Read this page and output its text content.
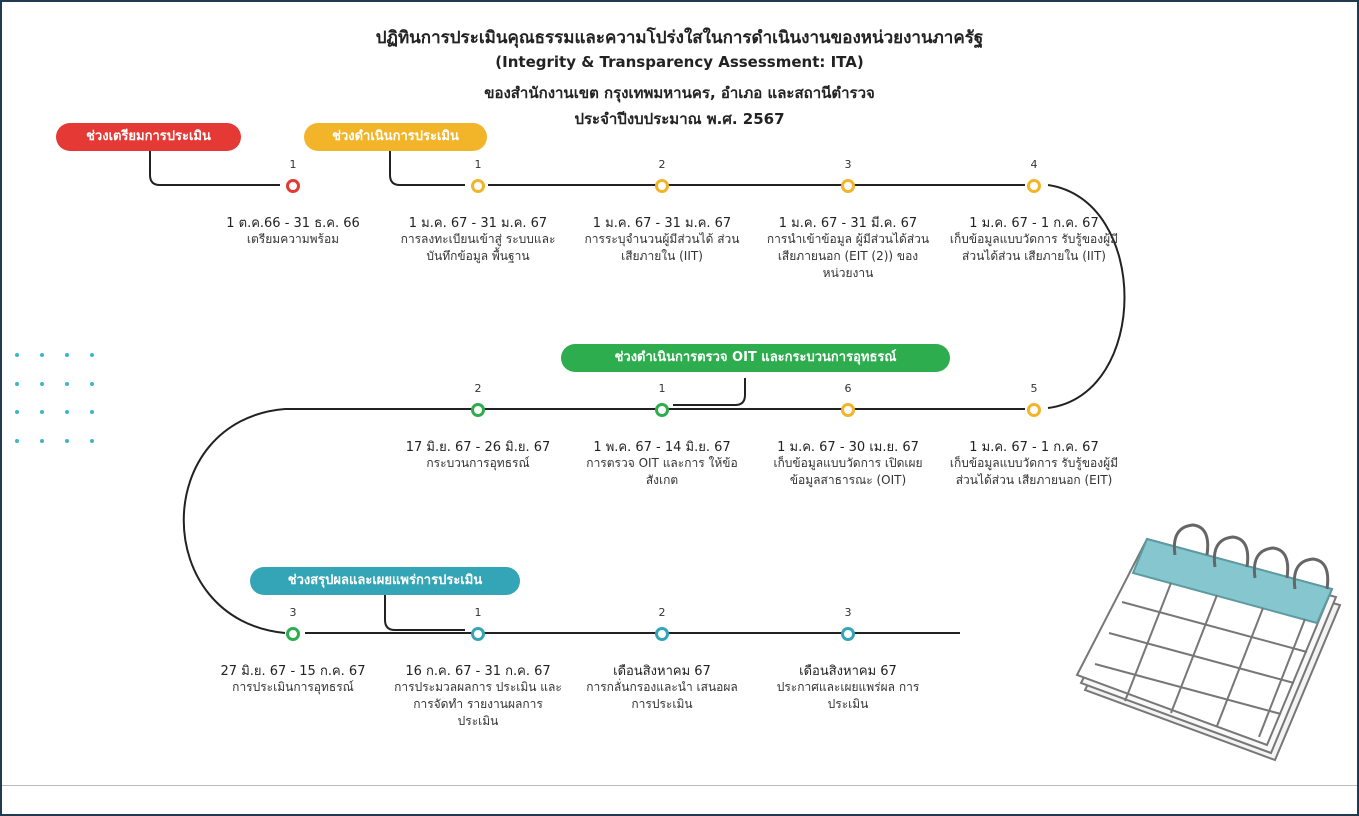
ปฏิทินการประเมินคุณธรรมและความโปร่งใสในการดำเนินงานของหน่วยงานภาครัฐ
(Integrity & Transparency Assessment: ITA)
ของสำนักงานเขต กรุงเทพมหานคร, อำเภอ และสถานีตำรวจ
ประจำปีงบประมาณ พ.ศ. 2567
ช่วงเตรียมการประเมิน	ช่วงดำเนินการประเมิน
ช่วงดำเนินการตรวจ OIT และกระบวนการอุทธรณ์
ช่วงสรุปผลและเผยแพร่การประเมิน
1
1 ต.ค.66 - 31 ธ.ค. 66
เตรียมความพร้อม
1
1 ม.ค. 67 - 31 ม.ค. 67
การลงทะเบียนเข้าสู่ ระบบและบันทึกข้อมูล พื้นฐาน
2
1 ม.ค. 67 - 31 ม.ค. 67
การระบุจำนวนผู้มีส่วนได้ ส่วนเสียภายใน (IIT)
3
1 ม.ค. 67 - 31 มี.ค. 67
การนำเข้าข้อมูล ผู้มีส่วนได้ส่วนเสียภายนอก (EIT (2)) ของหน่วยงาน
4
1 ม.ค. 67 - 1 ก.ค. 67
เก็บข้อมูลแบบวัดการ รับรู้ของผู้มีส่วนได้ส่วน เสียภายใน (IIT)
2
17 มิ.ย. 67 - 26 มิ.ย. 67
กระบวนการอุทธรณ์
1
1 พ.ค. 67 - 14 มิ.ย. 67
การตรวจ OIT และการ ให้ข้อสังเกต
6
1 ม.ค. 67 - 30 เม.ย. 67
เก็บข้อมูลแบบวัดการ เปิดเผยข้อมูลสาธารณะ (OIT)
5
1 ม.ค. 67 - 1 ก.ค. 67
เก็บข้อมูลแบบวัดการ รับรู้ของผู้มีส่วนได้ส่วน เสียภายนอก (EIT)
3
27 มิ.ย. 67 - 15 ก.ค. 67
การประเมินการอุทธรณ์
1
16 ก.ค. 67 - 31 ก.ค. 67
การประมวลผลการ ประเมิน และการจัดทำ รายงานผลการประเมิน
2
เดือนสิงหาคม 67
การกลั่นกรองและนำ เสนอผลการประเมิน
3
เดือนสิงหาคม 67
ประกาศและเผยแพร่ผล การประเมิน
